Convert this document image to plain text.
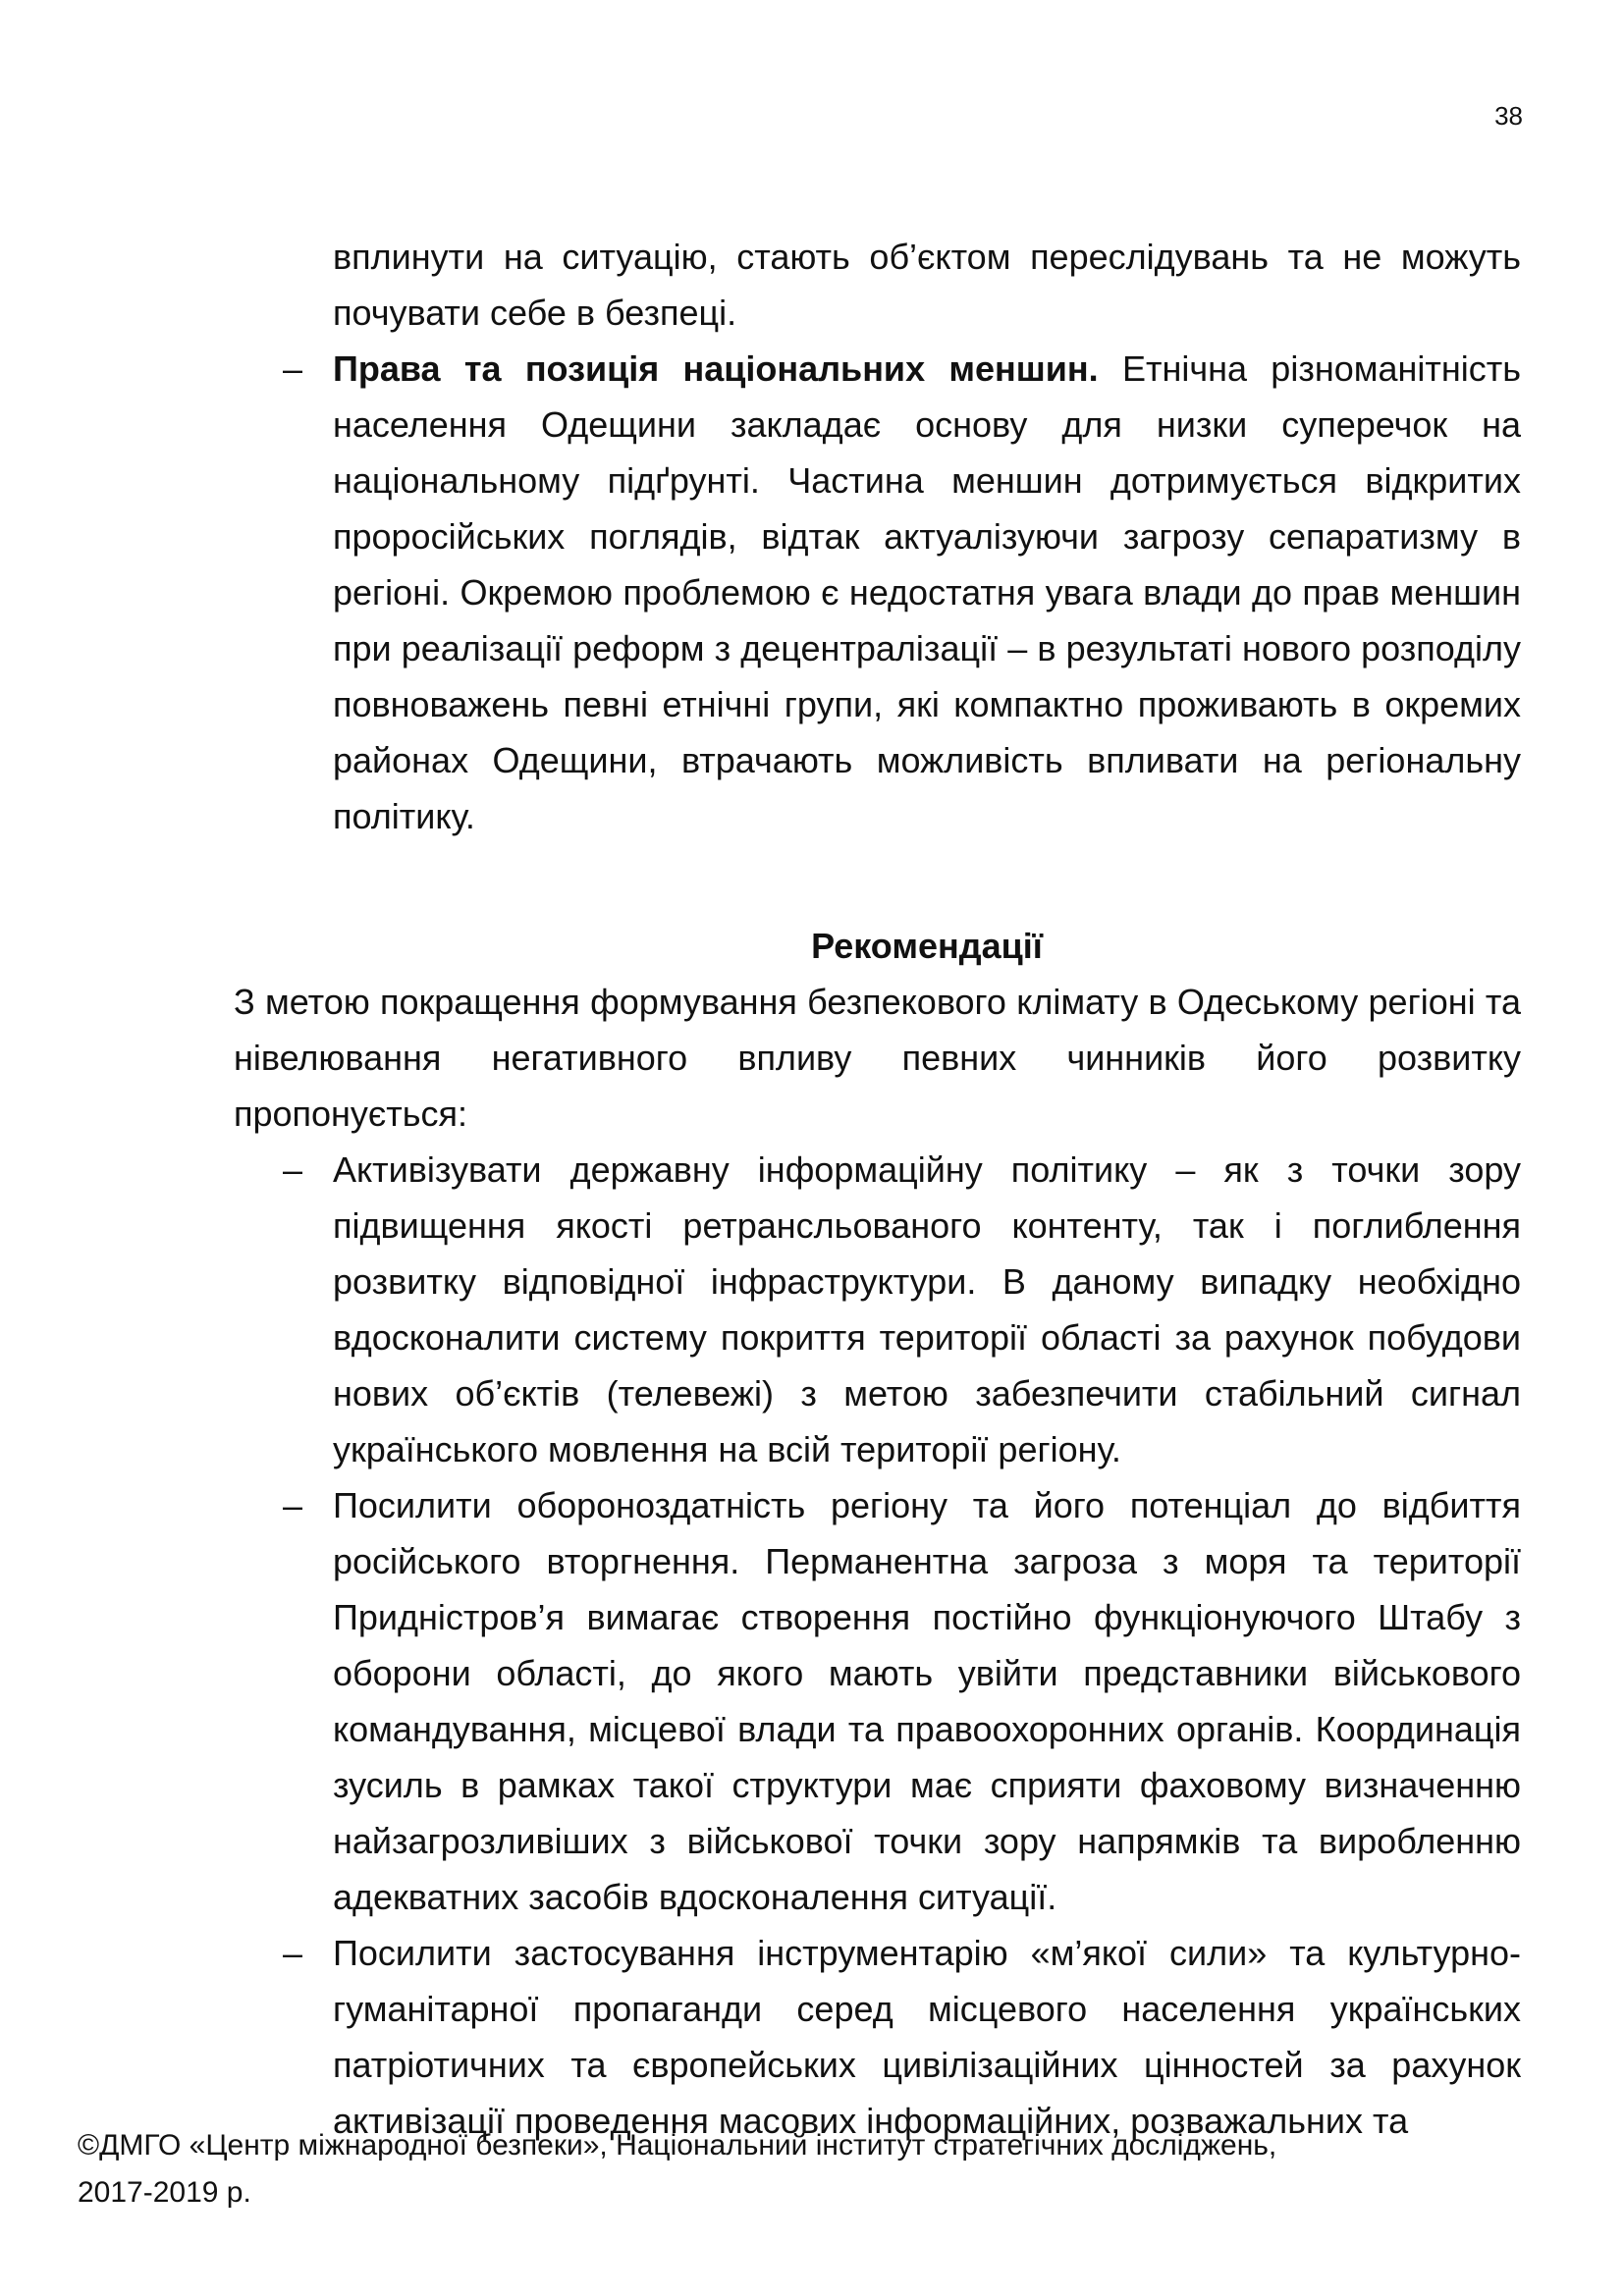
38

вплинути на ситуацію, стають об’єктом переслідувань та не можуть почувати себе в безпеці.

– Права та позиція національних меншин. Етнічна різноманітність населення Одещини закладає основу для низки суперечок на національному підґрунті. Частина меншин дотримується відкритих проросійських поглядів, відтак актуалізуючи загрозу сепаратизму в регіоні. Окремою проблемою є недостатня увага влади до прав меншин при реалізації реформ з децентралізації – в результаті нового розподілу повноважень певні етнічні групи, які компактно проживають в окремих районах Одещини, втрачають можливість впливати на регіональну політику.

Рекомендації

З метою покращення формування безпекового клімату в Одеському регіоні та нівелювання негативного впливу певних чинників його розвитку пропонується:

– Активізувати державну інформаційну політику – як з точки зору підвищення якості ретрансльованого контенту, так і поглиблення розвитку відповідної інфраструктури. В даному випадку необхідно вдосконалити систему покриття території області за рахунок побудови нових об’єктів (телевежі) з метою забезпечити стабільний сигнал українського мовлення на всій території регіону.

– Посилити обороноздатність регіону та його потенціал до відбиття російського вторгнення. Перманентна загроза з моря та території Придністров’я вимагає створення постійно функціонуючого Штабу з оборони області, до якого мають увійти представники військового командування, місцевої влади та правоохоронних органів. Координація зусиль в рамках такої структури має сприяти фаховому визначенню найзагрозливіших з військової точки зору напрямків та виробленню адекватних засобів вдосконалення ситуації.

– Посилити застосування інструментарію «м’якої сили» та культурно-гуманітарної пропаганди серед місцевого населення українських патріотичних та європейських цивілізаційних цінностей за рахунок активізації проведення масових інформаційних, розважальних та

©ДМГО «Центр міжнародної безпеки», Національний інститут стратегічних досліджень,
2017-2019 р.
